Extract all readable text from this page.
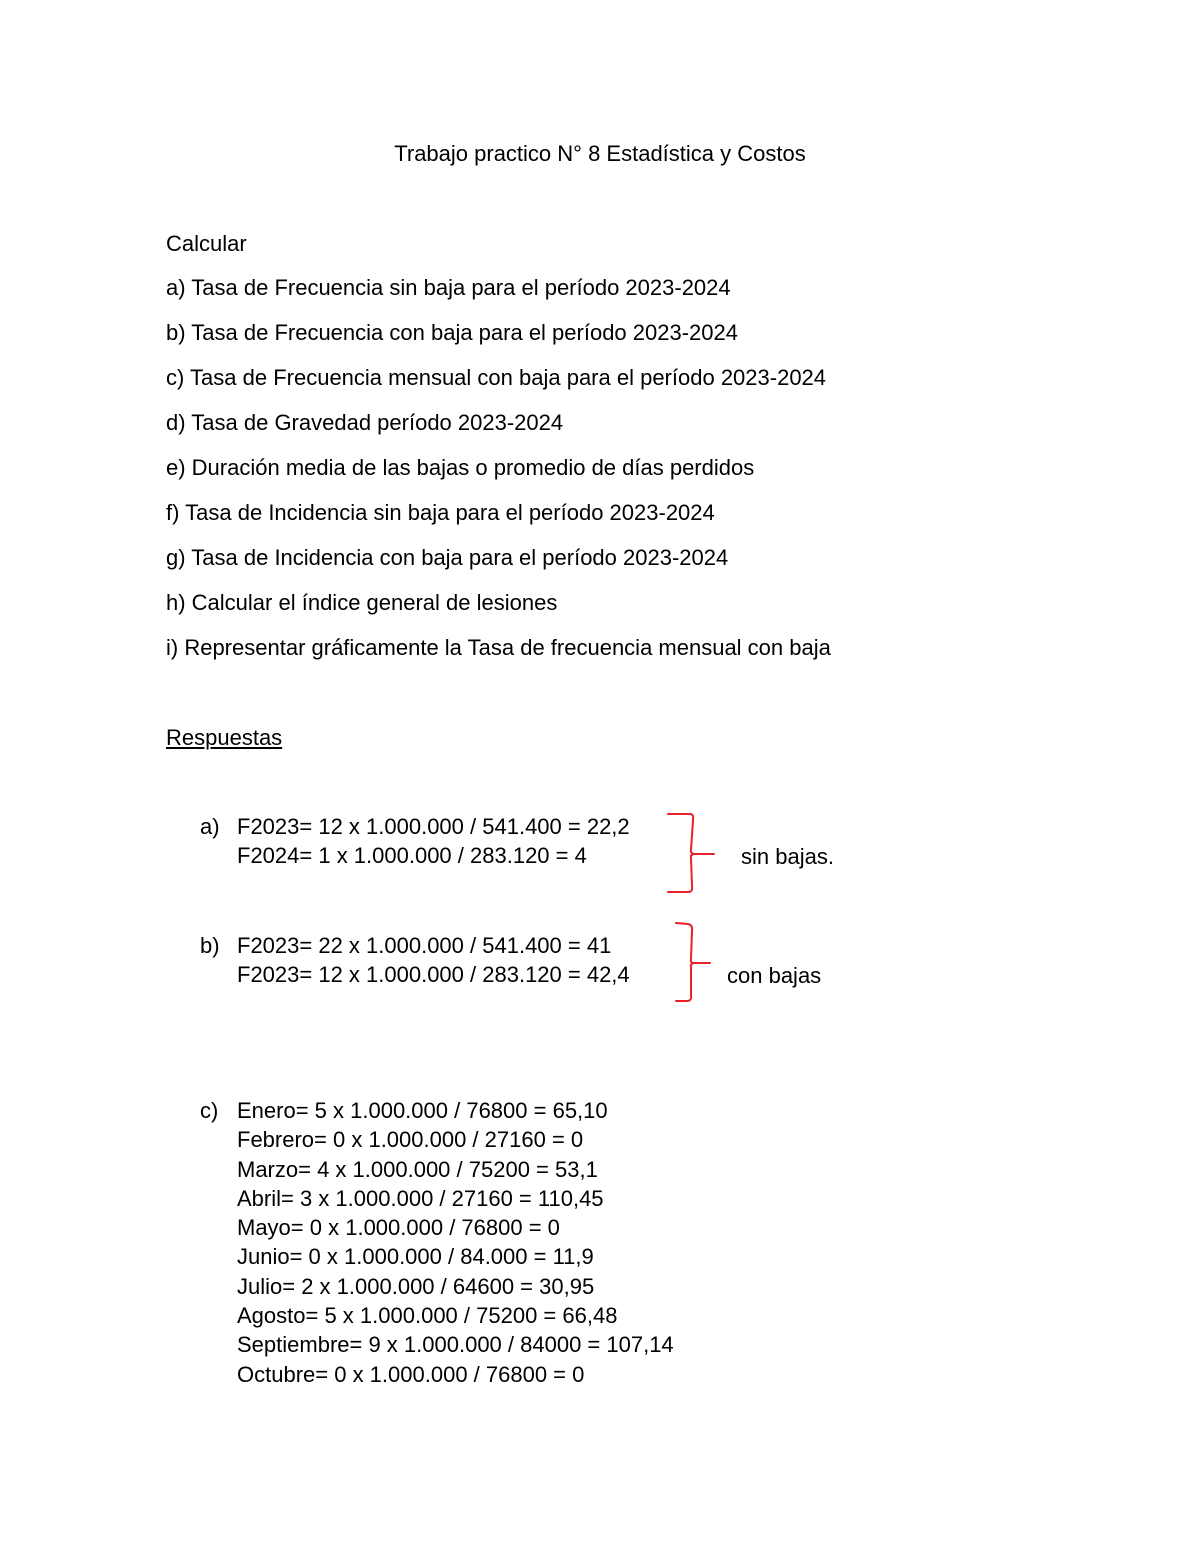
Trabajo practico N° 8 Estadística y Costos
Calcular
a) Tasa de Frecuencia sin baja para el período 2023-2024
b) Tasa de Frecuencia con baja para el período 2023-2024
c) Tasa de Frecuencia mensual con baja para el período 2023-2024
d) Tasa de Gravedad período 2023-2024
e) Duración media de las bajas o promedio de días perdidos
f) Tasa de Incidencia sin baja para el período 2023-2024
g) Tasa de Incidencia con baja para el período 2023-2024
h) Calcular el índice general de lesiones
i) Representar gráficamente la Tasa de frecuencia mensual con baja
Respuestas
a) F2023= 12 x 1.000.000 / 541.400 = 22,2
F2024= 1 x 1.000.000 / 283.120 = 4	sin bajas.
b) F2023= 22 x 1.000.000 / 541.400 = 41
F2023= 12 x 1.000.000 / 283.120 = 42,4	con bajas
c) Enero= 5 x 1.000.000 / 76800 = 65,10
Febrero= 0 x 1.000.000 / 27160 = 0
Marzo= 4 x 1.000.000 / 75200 = 53,1
Abril= 3 x 1.000.000 / 27160 = 110,45
Mayo= 0 x 1.000.000 / 76800 = 0
Junio= 0 x 1.000.000 / 84.000 = 11,9
Julio= 2 x 1.000.000 / 64600 = 30,95
Agosto= 5 x 1.000.000 / 75200 = 66,48
Septiembre= 9 x 1.000.000 / 84000 = 107,14
Octubre= 0 x 1.000.000 / 76800 = 0
